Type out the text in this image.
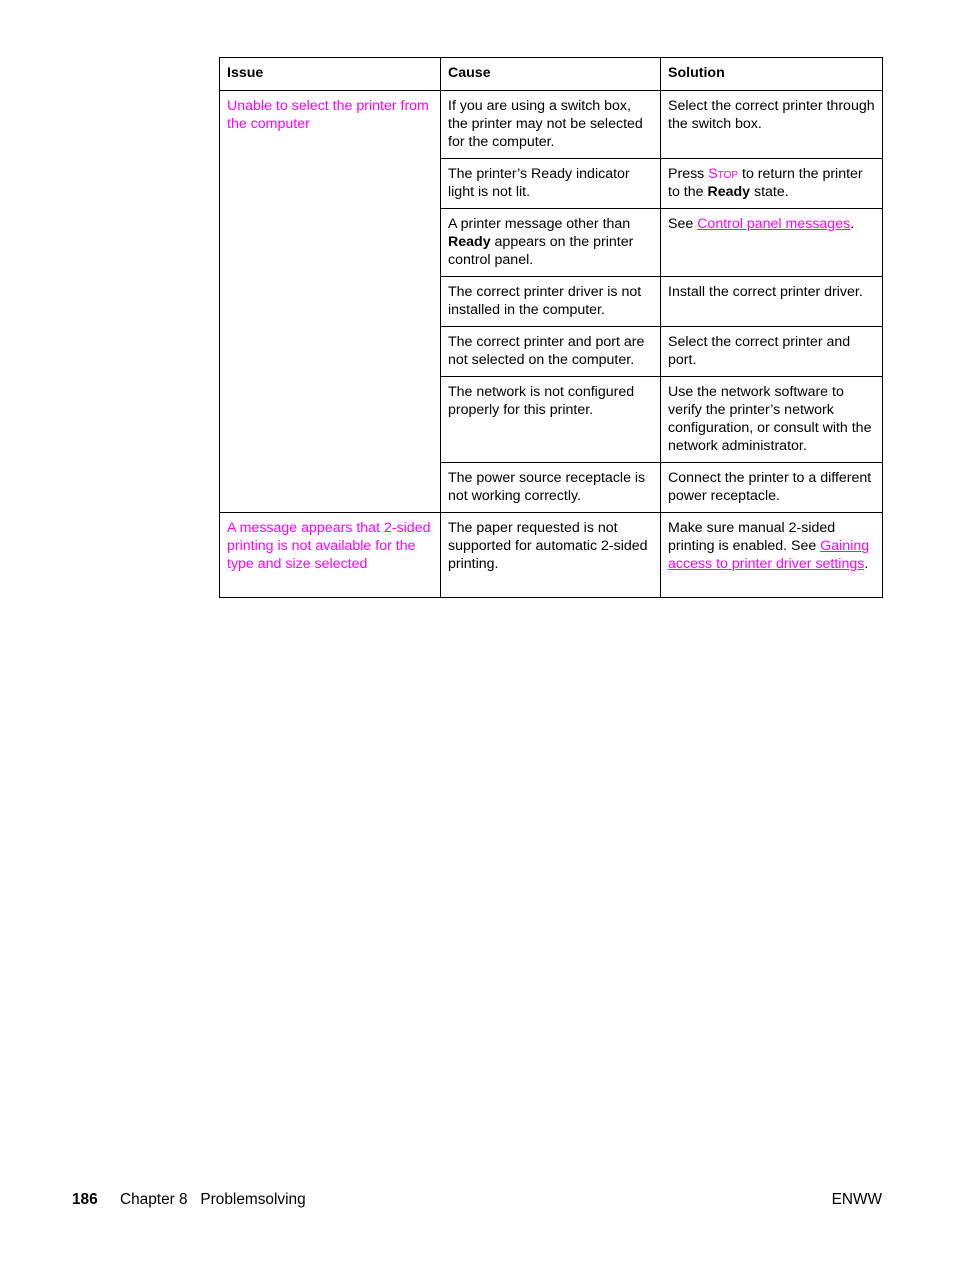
Issue	Cause	Solution
Unable to select the printer from the computer	If you are using a switch box, the printer may not be selected for the computer.	Select the correct printer through the switch box.
	The printer’s Ready indicator light is not lit.	Press Stop to return the printer to the Ready state.
	A printer message other than Ready appears on the printer control panel.	See Control panel messages.
	The correct printer driver is not installed in the computer.	Install the correct printer driver.
	The correct printer and port are not selected on the computer.	Select the correct printer and port.
	The network is not configured properly for this printer.	Use the network software to verify the printer’s network configuration, or consult with the network administrator.
	The power source receptacle is not working correctly.	Connect the printer to a different power receptacle.
A message appears that 2-sided printing is not available for the type and size selected	The paper requested is not supported for automatic 2-sided printing.	Make sure manual 2-sided printing is enabled. See Gaining access to printer driver settings.
186 Chapter 8   Problemsolving	ENWW
